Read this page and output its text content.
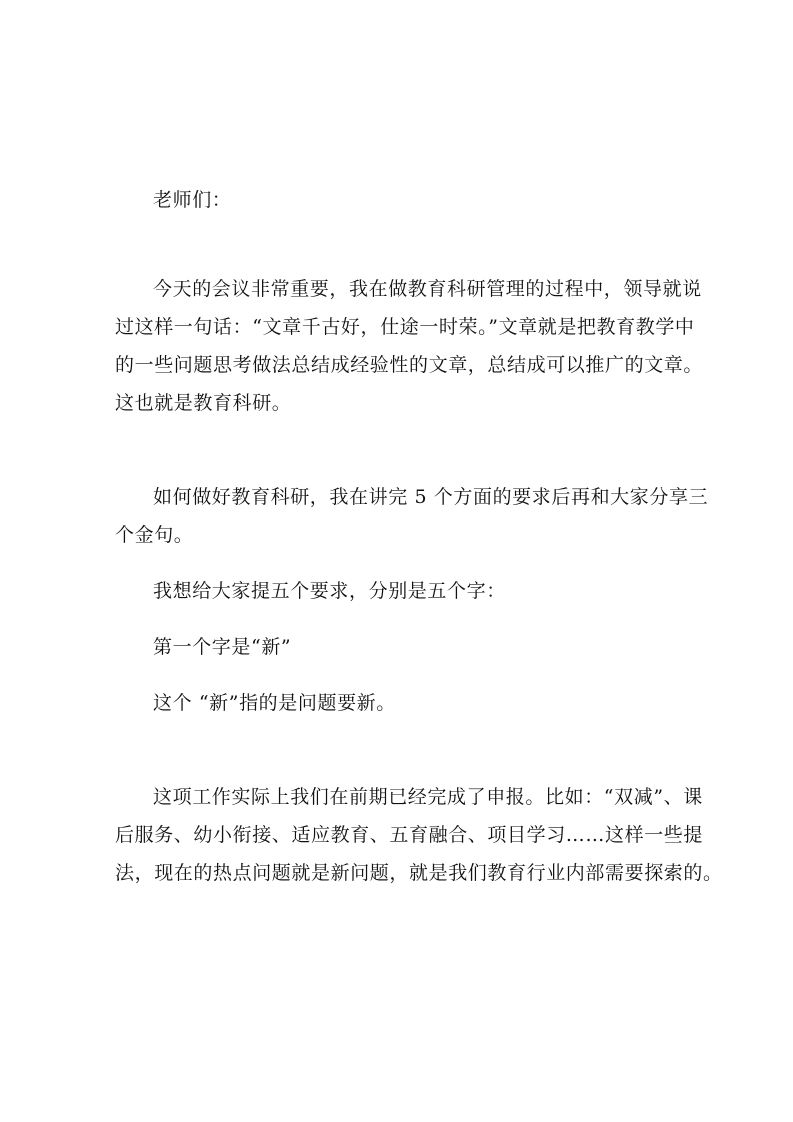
老师们：
今天的会议非常重要，我在做教育科研管理的过程中，领导就说
过这样一句话：“文章千古好，仕途一时荣。”文章就是把教育教学中
的一些问题思考做法总结成经验性的文章，总结成可以推广的文章。
这也就是教育科研。
如何做好教育科研，我在讲完 5 个方面的要求后再和大家分享三
个金句。
我想给大家提五个要求，分别是五个字：
第一个字是“新”
这个 “新”指的是问题要新。
这项工作实际上我们在前期已经完成了申报。比如：“双减”、课
后服务、幼小衔接、适应教育、五育融合、项目学习……这样一些提
法，现在的热点问题就是新问题，就是我们教育行业内部需要探索的。
